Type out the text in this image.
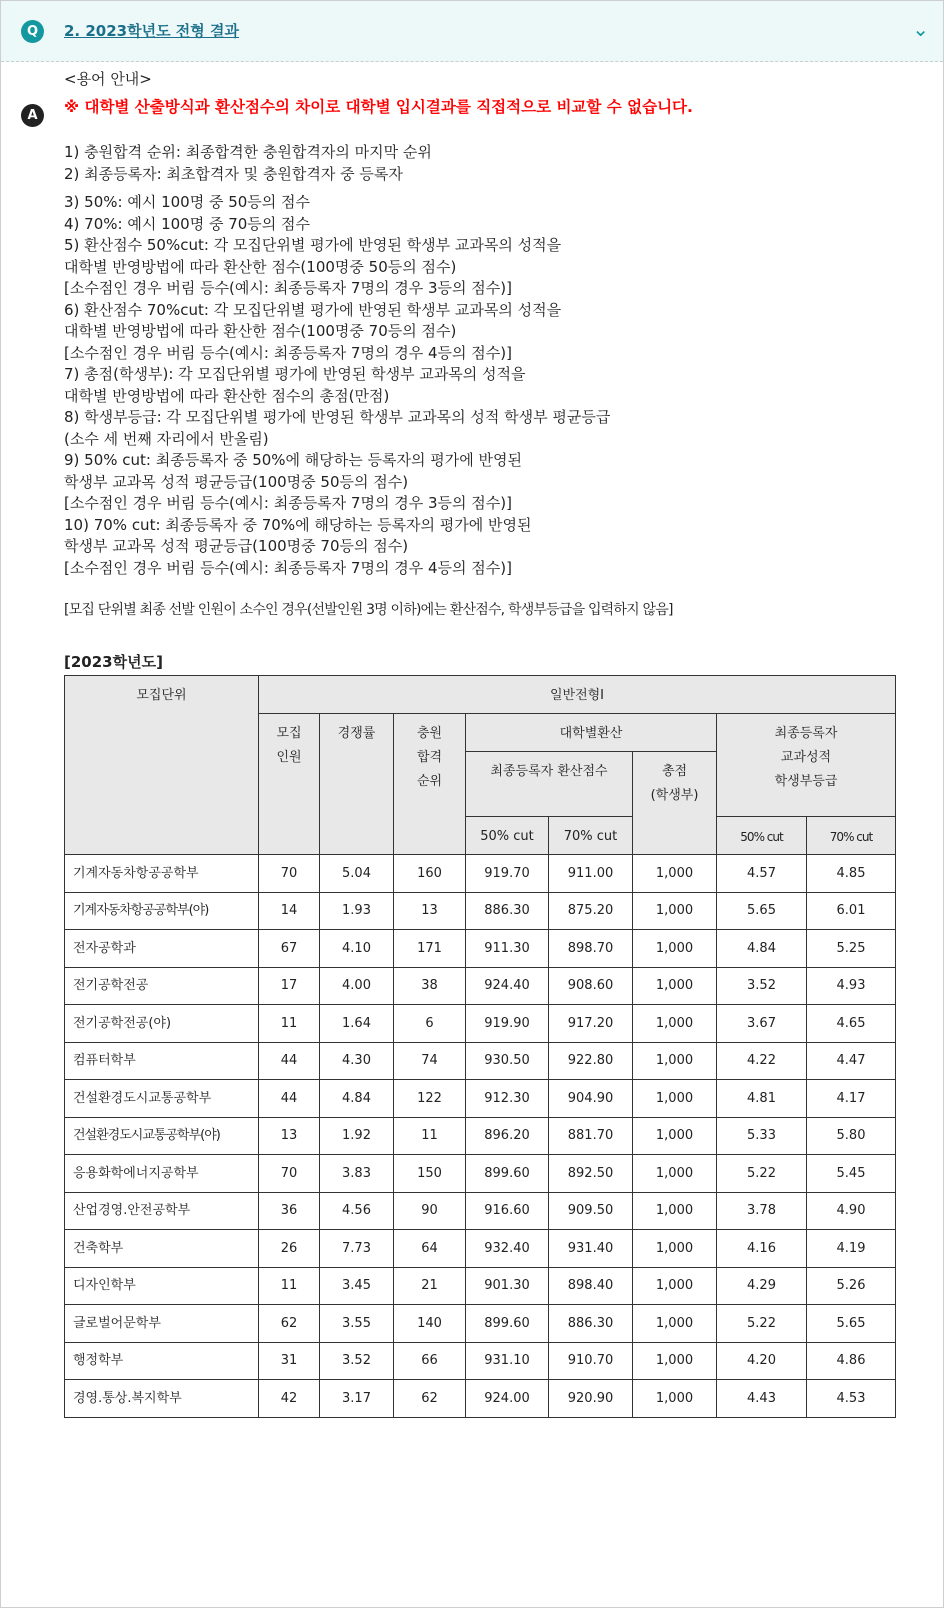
Q	2. 2023학년도 전형 결과	⌄
A
<용어 안내>
※ 대학별 산출방식과 환산점수의 차이로 대학별 입시결과를 직접적으로 비교할 수 없습니다.
1) 충원합격 순위: 최종합격한 충원합격자의 마지막 순위
2) 최종등록자: 최초합격자 및 충원합격자 중 등록자
3) 50%: 예시 100명 중 50등의 점수
4) 70%: 예시 100명 중 70등의 점수
5) 환산점수 50%cut: 각 모집단위별 평가에 반영된 학생부 교과목의 성적을
대학별 반영방법에 따라 환산한 점수(100명중 50등의 점수)
[소수점인 경우 버림 등수(예시: 최종등록자 7명의 경우 3등의 점수)]
6) 환산점수 70%cut: 각 모집단위별 평가에 반영된 학생부 교과목의 성적을
대학별 반영방법에 따라 환산한 점수(100명중 70등의 점수)
[소수점인 경우 버림 등수(예시: 최종등록자 7명의 경우 4등의 점수)]
7) 총점(학생부): 각 모집단위별 평가에 반영된 학생부 교과목의 성적을
대학별 반영방법에 따라 환산한 점수의 총점(만점)
8) 학생부등급: 각 모집단위별 평가에 반영된 학생부 교과목의 성적 학생부 평균등급
(소수 세 번째 자리에서 반올림)
9) 50% cut: 최종등록자 중 50%에 해당하는 등록자의 평가에 반영된
학생부 교과목 성적 평균등급(100명중 50등의 점수)
[소수점인 경우 버림 등수(예시: 최종등록자 7명의 경우 3등의 점수)]
10) 70% cut: 최종등록자 중 70%에 해당하는 등록자의 평가에 반영된
학생부 교과목 성적 평균등급(100명중 70등의 점수)
[소수점인 경우 버림 등수(예시: 최종등록자 7명의 경우 4등의 점수)]
[모집 단위별 최종 선발 인원이 소수인 경우(선발인원 3명 이하)에는 환산점수, 학생부등급을 입력하지 않음]
[2023학년도]
모집단위	일반전형Ⅰ							
	모집
인원	경쟁률	충원
합격
순위	대학별환산			최종등록자
교과성적
학생부등급	
				최종등록자 환산점수		총점
(학생부)		
				50% cut	70% cut		50% cut	70% cut
기계자동차항공공학부	70	5.04	160	919.70	911.00	1,000	4.57	4.85
기계자동차항공공학부(야)	14	1.93	13	886.30	875.20	1,000	5.65	6.01
전자공학과	67	4.10	171	911.30	898.70	1,000	4.84	5.25
전기공학전공	17	4.00	38	924.40	908.60	1,000	3.52	4.93
전기공학전공(야)	11	1.64	6	919.90	917.20	1,000	3.67	4.65
컴퓨터학부	44	4.30	74	930.50	922.80	1,000	4.22	4.47
건설환경도시교통공학부	44	4.84	122	912.30	904.90	1,000	4.81	4.17
건설환경도시교통공학부(야)	13	1.92	11	896.20	881.70	1,000	5.33	5.80
응용화학에너지공학부	70	3.83	150	899.60	892.50	1,000	5.22	5.45
산업경영.안전공학부	36	4.56	90	916.60	909.50	1,000	3.78	4.90
건축학부	26	7.73	64	932.40	931.40	1,000	4.16	4.19
디자인학부	11	3.45	21	901.30	898.40	1,000	4.29	5.26
글로벌어문학부	62	3.55	140	899.60	886.30	1,000	5.22	5.65
행정학부	31	3.52	66	931.10	910.70	1,000	4.20	4.86
경영.통상.복지학부	42	3.17	62	924.00	920.90	1,000	4.43	4.53
